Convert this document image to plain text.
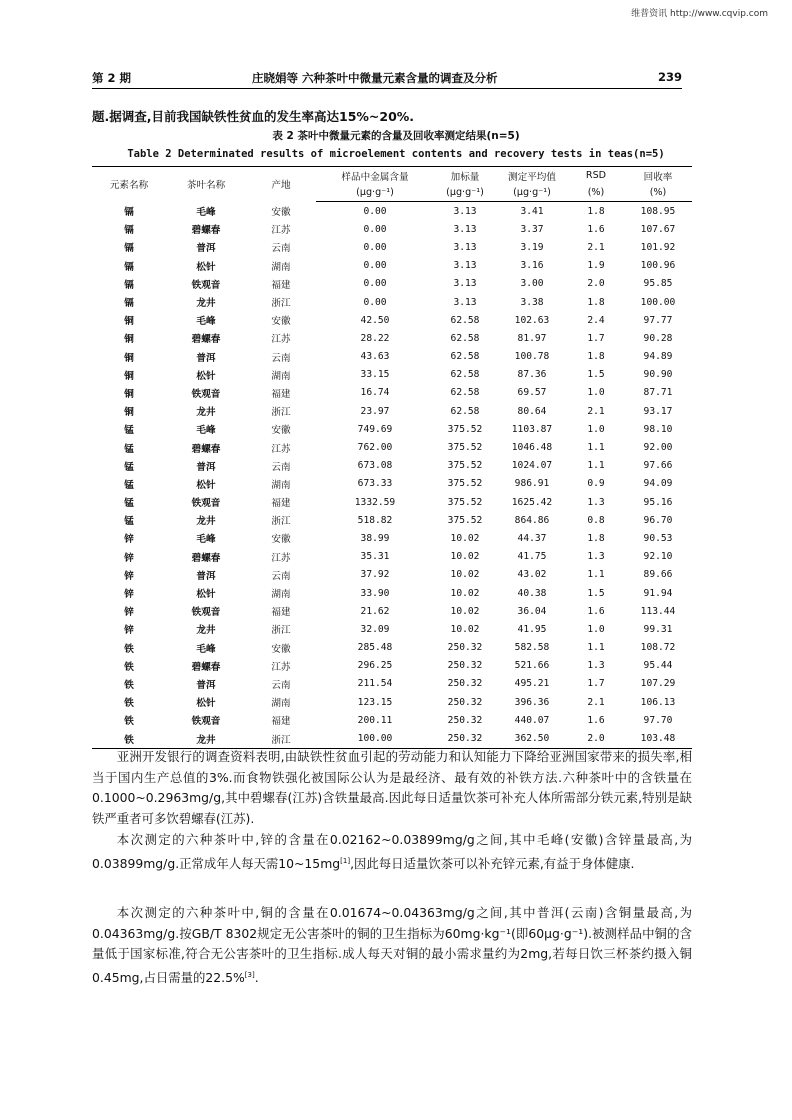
维普资讯 http://www.cqvip.com
第 2 期	庄晓娟等 六种茶叶中微量元素含量的调查及分析	239
题.据调查,目前我国缺铁性贫血的发生率高达15%~20%.
表 2 茶叶中微量元素的含量及回收率测定结果(n=5)
Table 2 Determinated results of microelement contents and recovery tests in teas(n=5)
元素名称	茶叶名称	产地	样品中金属含量	加标量	测定平均值	RSD	回收率
			(μg·g⁻¹)	(μg·g⁻¹)	(μg·g⁻¹)	(%)	(%)
镉	毛峰	安徽	0.00	3.13	3.41	1.8	108.95
镉	碧螺春	江苏	0.00	3.13	3.37	1.6	107.67
镉	普洱	云南	0.00	3.13	3.19	2.1	101.92
镉	松针	湖南	0.00	3.13	3.16	1.9	100.96
镉	铁观音	福建	0.00	3.13	3.00	2.0	95.85
镉	龙井	浙江	0.00	3.13	3.38	1.8	100.00
铜	毛峰	安徽	42.50	62.58	102.63	2.4	97.77
铜	碧螺春	江苏	28.22	62.58	81.97	1.7	90.28
铜	普洱	云南	43.63	62.58	100.78	1.8	94.89
铜	松针	湖南	33.15	62.58	87.36	1.5	90.90
铜	铁观音	福建	16.74	62.58	69.57	1.0	87.71
铜	龙井	浙江	23.97	62.58	80.64	2.1	93.17
锰	毛峰	安徽	749.69	375.52	1103.87	1.0	98.10
锰	碧螺春	江苏	762.00	375.52	1046.48	1.1	92.00
锰	普洱	云南	673.08	375.52	1024.07	1.1	97.66
锰	松针	湖南	673.33	375.52	986.91	0.9	94.09
锰	铁观音	福建	1332.59	375.52	1625.42	1.3	95.16
锰	龙井	浙江	518.82	375.52	864.86	0.8	96.70
锌	毛峰	安徽	38.99	10.02	44.37	1.8	90.53
锌	碧螺春	江苏	35.31	10.02	41.75	1.3	92.10
锌	普洱	云南	37.92	10.02	43.02	1.1	89.66
锌	松针	湖南	33.90	10.02	40.38	1.5	91.94
锌	铁观音	福建	21.62	10.02	36.04	1.6	113.44
锌	龙井	浙江	32.09	10.02	41.95	1.0	99.31
铁	毛峰	安徽	285.48	250.32	582.58	1.1	108.72
铁	碧螺春	江苏	296.25	250.32	521.66	1.3	95.44
铁	普洱	云南	211.54	250.32	495.21	1.7	107.29
铁	松针	湖南	123.15	250.32	396.36	2.1	106.13
铁	铁观音	福建	200.11	250.32	440.07	1.6	97.70
铁	龙井	浙江	100.00	250.32	362.50	2.0	103.48

亚洲开发银行的调查资料表明,由缺铁性贫血引起的劳动能力和认知能力下降给亚洲国家带来的损失率,相当于国内生产总值的3%.而食物铁强化被国际公认为是最经济、最有效的补铁方法.六种茶叶中的含铁量在0.1000~0.2963mg/g,其中碧螺春(江苏)含铁量最高.因此每日适量饮茶可补充人体所需部分铁元素,特别是缺铁严重者可多饮碧螺春(江苏).

本次测定的六种茶叶中,锌的含量在0.02162~0.03899mg/g之间,其中毛峰(安徽)含锌量最高,为0.03899mg/g.正常成年人每天需10~15mg[1],因此每日适量饮茶可以补充锌元素,有益于身体健康.

本次测定的六种茶叶中,铜的含量在0.01674~0.04363mg/g之间,其中普洱(云南)含铜量最高,为0.04363mg/g.按GB/T 8302规定无公害茶叶的铜的卫生指标为60mg·kg⁻¹(即60μg·g⁻¹).被测样品中铜的含量低于国家标准,符合无公害茶叶的卫生指标.成人每天对铜的最小需求量约为2mg,若每日饮三杯茶约摄入铜0.45mg,占日需量的22.5%[3].
